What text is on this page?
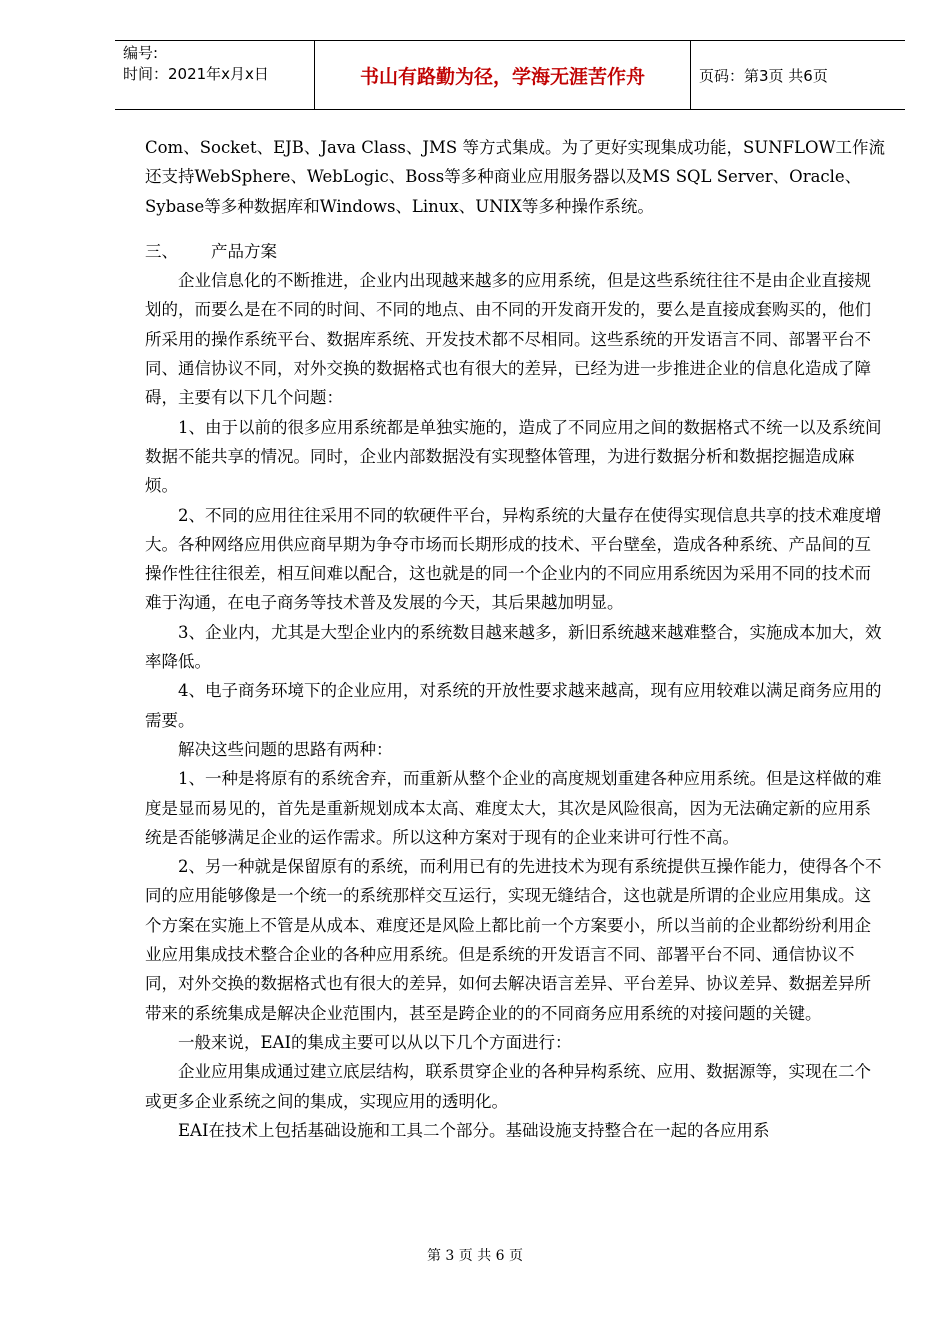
编号:
时间：2021年x月x日	书山有路勤为径，学海无涯苦作舟	页码：第3页 共6页

Com、Socket、EJB、Java Class、JMS 等方式集成。为了更好实现集成功能，SUNFLOW工作流还支持WebSphere、WebLogic、Boss等多种商业应用服务器以及MS SQL Server、Oracle、Sybase等多种数据库和Windows、Linux、UNIX等多种操作系统。

三、 产品方案

企业信息化的不断推进，企业内出现越来越多的应用系统，但是这些系统往往不是由企业直接规划的，而要么是在不同的时间、不同的地点、由不同的开发商开发的，要么是直接成套购买的，他们所采用的操作系统平台、数据库系统、开发技术都不尽相同。这些系统的开发语言不同、部署平台不同、通信协议不同，对外交换的数据格式也有很大的差异，已经为进一步推进企业的信息化造成了障碍，主要有以下几个问题：

1、由于以前的很多应用系统都是单独实施的，造成了不同应用之间的数据格式不统一以及系统间数据不能共享的情况。同时，企业内部数据没有实现整体管理，为进行数据分析和数据挖掘造成麻烦。

2、不同的应用往往采用不同的软硬件平台，异构系统的大量存在使得实现信息共享的技术难度增大。各种网络应用供应商早期为争夺市场而长期形成的技术、平台壁垒，造成各种系统、产品间的互操作性往往很差，相互间难以配合，这也就是的同一个企业内的不同应用系统因为采用不同的技术而难于沟通，在电子商务等技术普及发展的今天，其后果越加明显。

3、企业内，尤其是大型企业内的系统数目越来越多，新旧系统越来越难整合，实施成本加大，效率降低。

4、电子商务环境下的企业应用，对系统的开放性要求越来越高，现有应用较难以满足商务应用的需要。

解决这些问题的思路有两种：

1、一种是将原有的系统舍弃，而重新从整个企业的高度规划重建各种应用系统。但是这样做的难度是显而易见的，首先是重新规划成本太高、难度太大，其次是风险很高，因为无法确定新的应用系统是否能够满足企业的运作需求。所以这种方案对于现有的企业来讲可行性不高。

2、另一种就是保留原有的系统，而利用已有的先进技术为现有系统提供互操作能力，使得各个不同的应用能够像是一个统一的系统那样交互运行，实现无缝结合，这也就是所谓的企业应用集成。这个方案在实施上不管是从成本、难度还是风险上都比前一个方案要小，所以当前的企业都纷纷利用企业应用集成技术整合企业的各种应用系统。但是系统的开发语言不同、部署平台不同、通信协议不同，对外交换的数据格式也有很大的差异，如何去解决语言差异、平台差异、协议差异、数据差异所带来的系统集成是解决企业范围内，甚至是跨企业的的不同商务应用系统的对接问题的关键。

一般来说，EAI的集成主要可以从以下几个方面进行：

企业应用集成通过建立底层结构，联系贯穿企业的各种异构系统、应用、数据源等，实现在二个或更多企业系统之间的集成，实现应用的透明化。

EAI在技术上包括基础设施和工具二个部分。基础设施支持整合在一起的各应用系

第 3 页 共 6 页
